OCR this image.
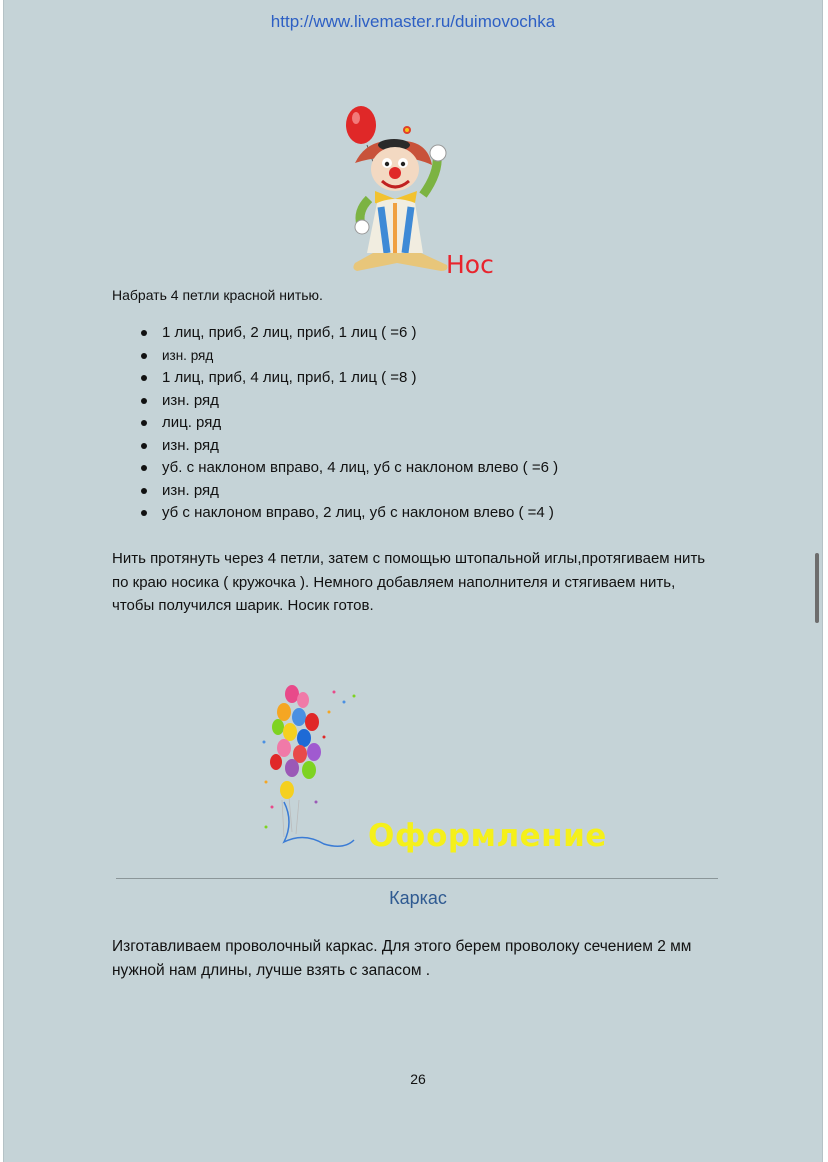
http://www.livemaster.ru/duimovochka
Нос
Набрать 4 петли красной нитью.
1 лиц, приб, 2 лиц, приб, 1 лиц ( =6 )
изн. ряд
1 лиц, приб, 4 лиц, приб, 1 лиц ( =8 )
изн. ряд
лиц. ряд
изн. ряд
уб. с наклоном вправо, 4 лиц, уб с наклоном влево ( =6 )
изн. ряд
уб с наклоном вправо, 2 лиц, уб с наклоном влево ( =4 )
Нить протянуть через 4 петли, затем с помощью штопальной иглы,протягиваем нить по краю носика ( кружочка ). Немного добавляем наполнителя и стягиваем нить, чтобы получился шарик. Носик готов.
Оформление
Каркас
Изготавливаем проволочный каркас. Для этого берем проволоку сечением 2 мм нужной нам длины, лучше взять с запасом .
26
